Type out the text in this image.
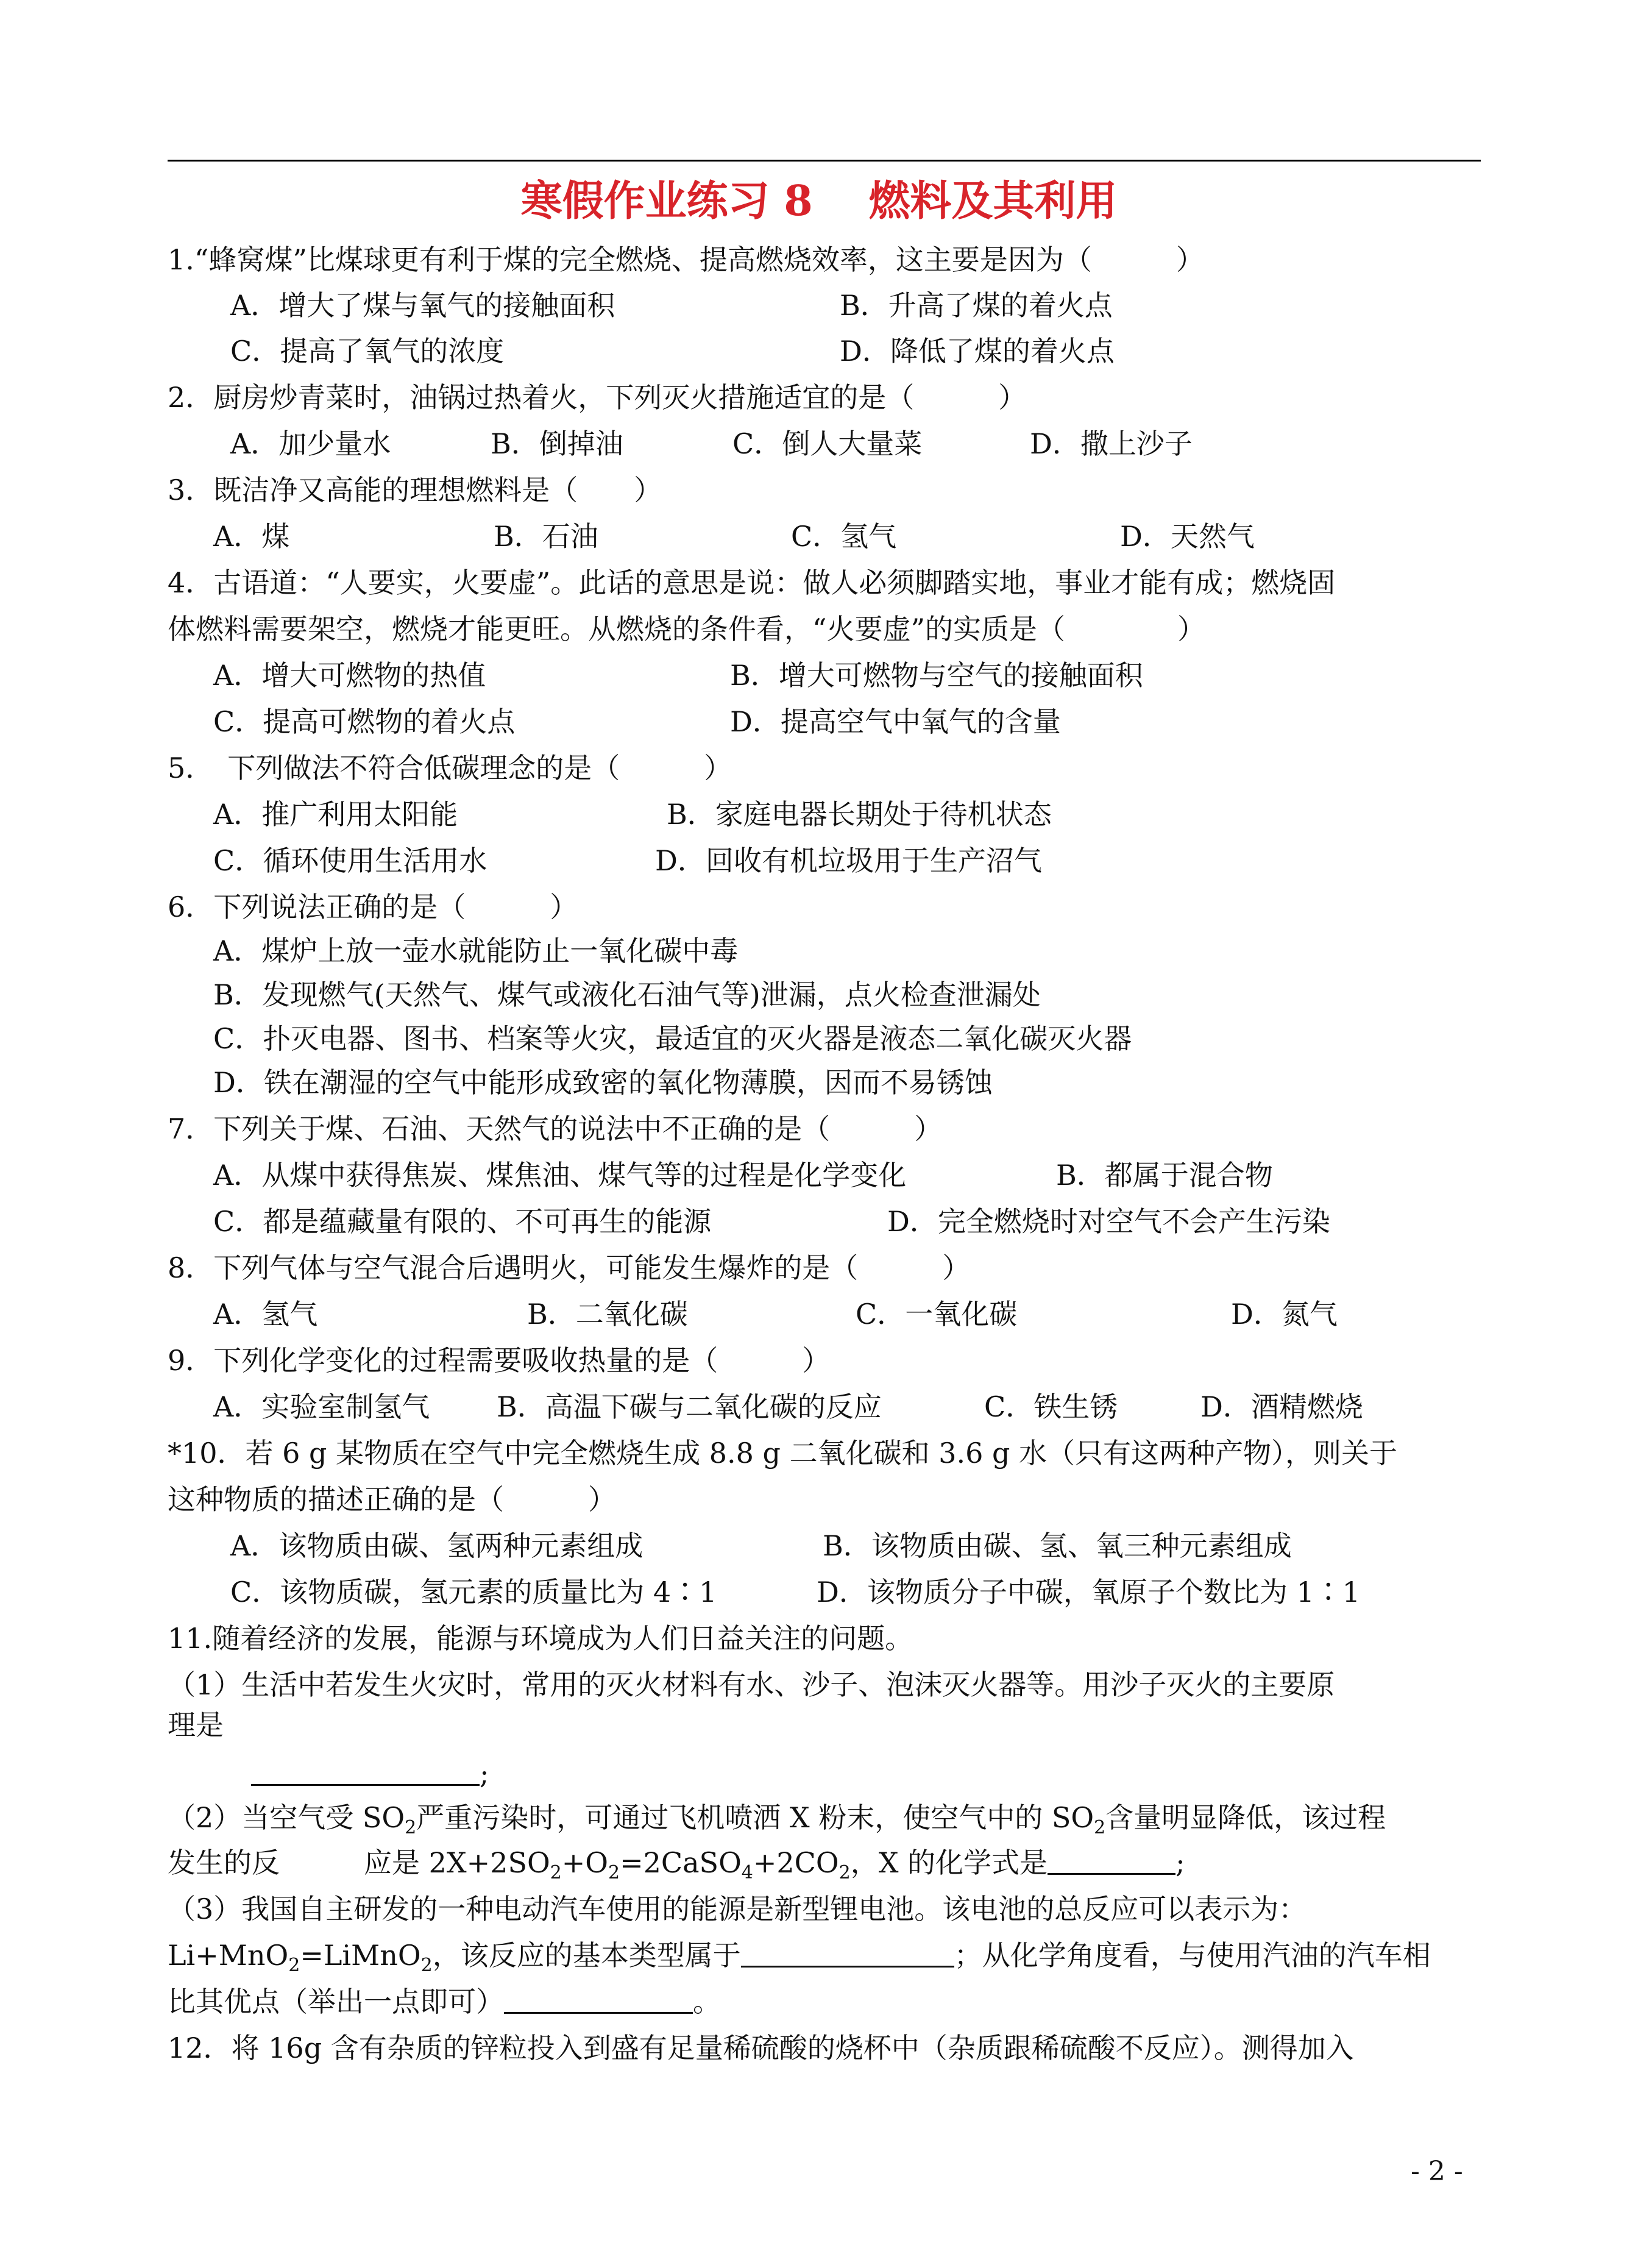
寒假作业练习 8　 燃料及其利用
1.“蜂窝煤”比煤球更有利于煤的完全燃烧、提高燃烧效率，这主要是因为（　　　）
A．增大了煤与氧气的接触面积	B．升高了煤的着火点
C．提高了氧气的浓度	D．降低了煤的着火点
2．厨房炒青菜时，油锅过热着火，下列灭火措施适宜的是（　　　）
A．加少量水	B．倒掉油	C．倒人大量菜	D．撒上沙子
3．既洁净又高能的理想燃料是（　　）
A．煤	B．石油	C．氢气	D．天然气
4．古语道：“人要实，火要虚”。此话的意思是说：做人必须脚踏实地，事业才能有成；燃烧固
体燃料需要架空，燃烧才能更旺。从燃烧的条件看，“火要虚”的实质是（　　　　）
A．增大可燃物的热值	B．增大可燃物与空气的接触面积
C．提高可燃物的着火点	D．提高空气中氧气的含量
5．　下列做法不符合低碳理念的是（　　　）
A．推广利用太阳能	B．家庭电器长期处于待机状态
C．循环使用生活用水	D．回收有机垃圾用于生产沼气
6．下列说法正确的是（　　　）
A．煤炉上放一壶水就能防止一氧化碳中毒
B．发现燃气(天然气、煤气或液化石油气等)泄漏，点火检查泄漏处
C．扑灭电器、图书、档案等火灾，最适宜的灭火器是液态二氧化碳灭火器
D．铁在潮湿的空气中能形成致密的氧化物薄膜，因而不易锈蚀
7．下列关于煤、石油、天然气的说法中不正确的是（　　　）
A．从煤中获得焦炭、煤焦油、煤气等的过程是化学变化	B．都属于混合物
C．都是蕴藏量有限的、不可再生的能源	D．完全燃烧时对空气不会产生污染
8．下列气体与空气混合后遇明火，可能发生爆炸的是（　　　）
A．氢气	B．二氧化碳	C．一氧化碳	D．氮气
9．下列化学变化的过程需要吸收热量的是（　　　）
A．实验室制氢气 B．高温下碳与二氧化碳的反应	C．铁生锈	D．酒精燃烧
*10．若 6 g 某物质在空气中完全燃烧生成 8.8 g 二氧化碳和 3.6 g 水（只有这两种产物），则关于
这种物质的描述正确的是（　　　）
A．该物质由碳、氢两种元素组成	B．该物质由碳、氢、氧三种元素组成
C．该物质碳，氢元素的质量比为 4∶1	D．该物质分子中碳，氧原子个数比为 1∶1
11.随着经济的发展，能源与环境成为人们日益关注的问题。
（1）生活中若发生火灾时，常用的灭火材料有水、沙子、泡沫灭火器等。用沙子灭火的主要原
理是
;
（2）当空气受 $SO_2$严重污染时，可通过飞机喷洒 X 粉末，使空气中的 $SO_2$含量明显降低，该过程
发生的反　　　应是 $2X+2SO_2+O_2=2CaSO_4+2CO_2$，X 的化学式是	;
（3）我国自主研发的一种电动汽车使用的能源是新型锂电池。该电池的总反应可以表示为：
Li+MnO$_2$=LiMnO$_2$，该反应的基本类型属于	；从化学角度看，与使用汽油的汽车相
比其优点（举出一点即可）	。
12．将 16g 含有杂质的锌粒投入到盛有足量稀硫酸的烧杯中（杂质跟稀硫酸不反应）。测得加入
- 2 -
